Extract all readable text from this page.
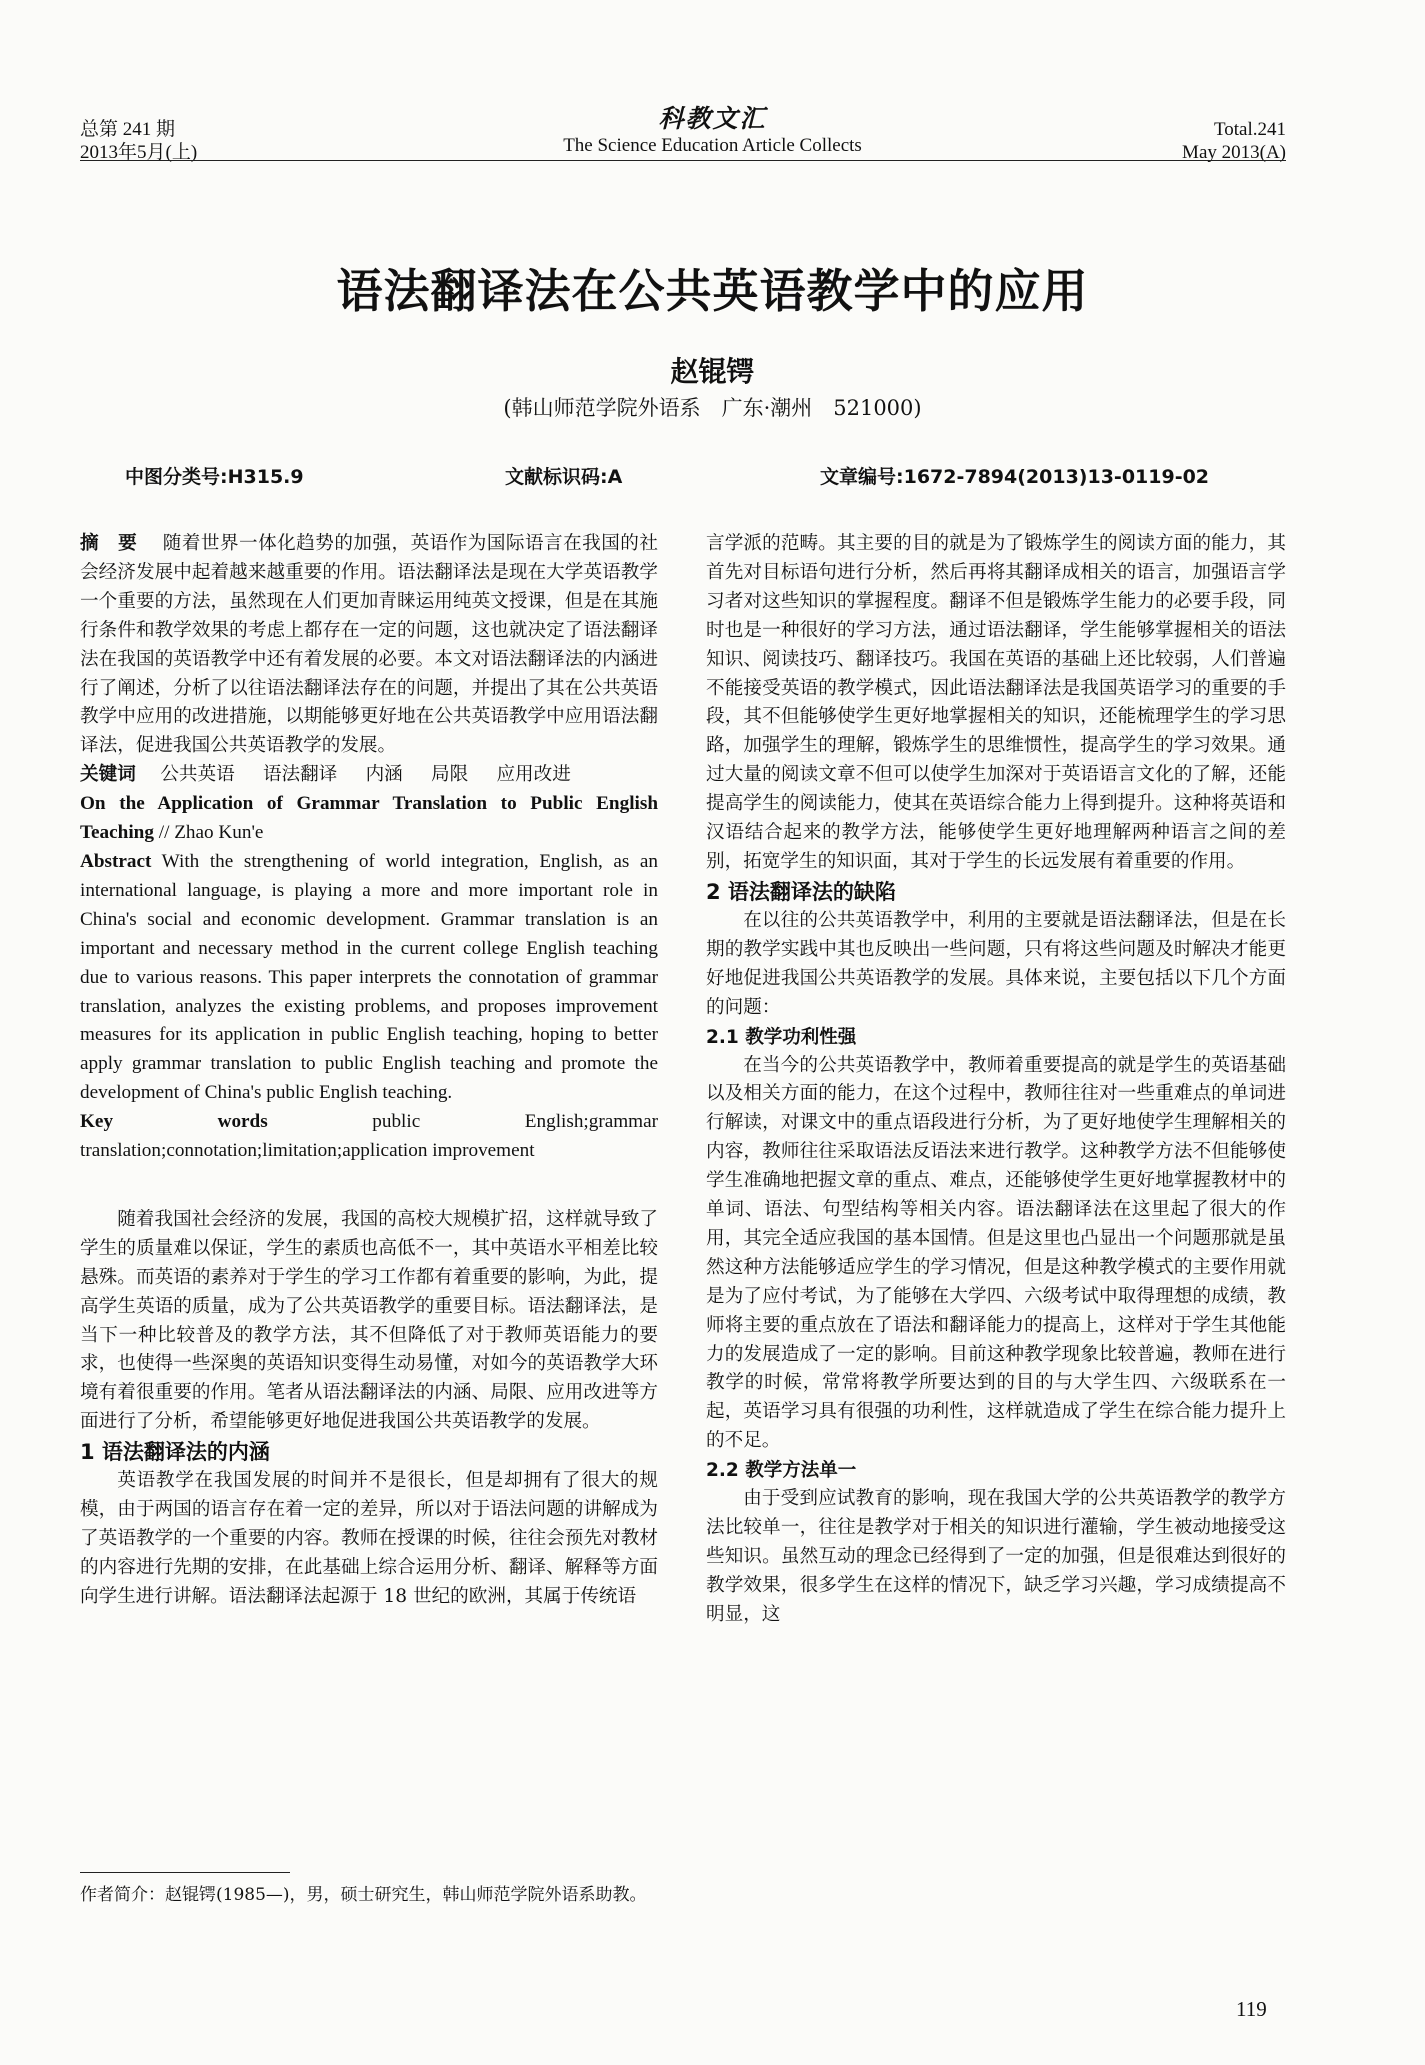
总第 241 期
2013年5月(上)
科教文汇
The Science Education Article Collects
Total.241
May 2013(A)
语法翻译法在公共英语教学中的应用
赵锟锷
(韩山师范学院外语系　广东·潮州　521000)
中图分类号:H315.9	文献标识码:A	文章编号:1672-7894(2013)13-0119-02

摘　要 随着世界一体化趋势的加强，英语作为国际语言在我国的社会经济发展中起着越来越重要的作用。语法翻译法是现在大学英语教学一个重要的方法，虽然现在人们更加青睐运用纯英文授课，但是在其施行条件和教学效果的考虑上都存在一定的问题，这也就决定了语法翻译法在我国的英语教学中还有着发展的必要。本文对语法翻译法的内涵进行了阐述，分析了以往语法翻译法存在的问题，并提出了其在公共英语教学中应用的改进措施，以期能够更好地在公共英语教学中应用语法翻译法，促进我国公共英语教学的发展。

关键词 公共英语 语法翻译 内涵 局限 应用改进

On the Application of Grammar Translation to Public English Teaching // Zhao Kun'e

Abstract With the strengthening of world integration, English, as an international language, is playing a more and more important role in China's social and economic development. Grammar translation is an important and necessary method in the current college English teaching due to various reasons. This paper interprets the connotation of grammar translation, analyzes the existing problems, and proposes improvement measures for its application in public English teaching, hoping to better apply grammar translation to public English teaching and promote the development of China's public English teaching.

Key words	public English;grammar translation;connotation;limitation;application improvement

随着我国社会经济的发展，我国的高校大规模扩招，这样就导致了学生的质量难以保证，学生的素质也高低不一，其中英语水平相差比较悬殊。而英语的素养对于学生的学习工作都有着重要的影响，为此，提高学生英语的质量，成为了公共英语教学的重要目标。语法翻译法，是当下一种比较普及的教学方法，其不但降低了对于教师英语能力的要求，也使得一些深奥的英语知识变得生动易懂，对如今的英语教学大环境有着很重要的作用。笔者从语法翻译法的内涵、局限、应用改进等方面进行了分析，希望能够更好地促进我国公共英语教学的发展。

1 语法翻译法的内涵

英语教学在我国发展的时间并不是很长，但是却拥有了很大的规模，由于两国的语言存在着一定的差异，所以对于语法问题的讲解成为了英语教学的一个重要的内容。教师在授课的时候，往往会预先对教材的内容进行先期的安排，在此基础上综合运用分析、翻译、解释等方面向学生进行讲解。语法翻译法起源于 18 世纪的欧洲，其属于传统语

言学派的范畴。其主要的目的就是为了锻炼学生的阅读方面的能力，其首先对目标语句进行分析，然后再将其翻译成相关的语言，加强语言学习者对这些知识的掌握程度。翻译不但是锻炼学生能力的必要手段，同时也是一种很好的学习方法，通过语法翻译，学生能够掌握相关的语法知识、阅读技巧、翻译技巧。我国在英语的基础上还比较弱，人们普遍不能接受英语的教学模式，因此语法翻译法是我国英语学习的重要的手段，其不但能够使学生更好地掌握相关的知识，还能梳理学生的学习思路，加强学生的理解，锻炼学生的思维惯性，提高学生的学习效果。通过大量的阅读文章不但可以使学生加深对于英语语言文化的了解，还能提高学生的阅读能力，使其在英语综合能力上得到提升。这种将英语和汉语结合起来的教学方法，能够使学生更好地理解两种语言之间的差别，拓宽学生的知识面，其对于学生的长远发展有着重要的作用。

2 语法翻译法的缺陷

在以往的公共英语教学中，利用的主要就是语法翻译法，但是在长期的教学实践中其也反映出一些问题，只有将这些问题及时解决才能更好地促进我国公共英语教学的发展。具体来说，主要包括以下几个方面的问题：

2.1 教学功利性强

在当今的公共英语教学中，教师着重要提高的就是学生的英语基础以及相关方面的能力，在这个过程中，教师往往对一些重难点的单词进行解读，对课文中的重点语段进行分析，为了更好地使学生理解相关的内容，教师往往采取语法反语法来进行教学。这种教学方法不但能够使学生准确地把握文章的重点、难点，还能够使学生更好地掌握教材中的单词、语法、句型结构等相关内容。语法翻译法在这里起了很大的作用，其完全适应我国的基本国情。但是这里也凸显出一个问题那就是虽然这种方法能够适应学生的学习情况，但是这种教学模式的主要作用就是为了应付考试，为了能够在大学四、六级考试中取得理想的成绩，教师将主要的重点放在了语法和翻译能力的提高上，这样对于学生其他能力的发展造成了一定的影响。目前这种教学现象比较普遍，教师在进行教学的时候，常常将教学所要达到的目的与大学生四、六级联系在一起，英语学习具有很强的功利性，这样就造成了学生在综合能力提升上的不足。

2.2 教学方法单一

由于受到应试教育的影响，现在我国大学的公共英语教学的教学方法比较单一，往往是教学对于相关的知识进行灌输，学生被动地接受这些知识。虽然互动的理念已经得到了一定的加强，但是很难达到很好的教学效果，很多学生在这样的情况下，缺乏学习兴趣，学习成绩提高不明显，这

作者简介：赵锟锷(1985—)，男，硕士研究生，韩山师范学院外语系助教。
119
